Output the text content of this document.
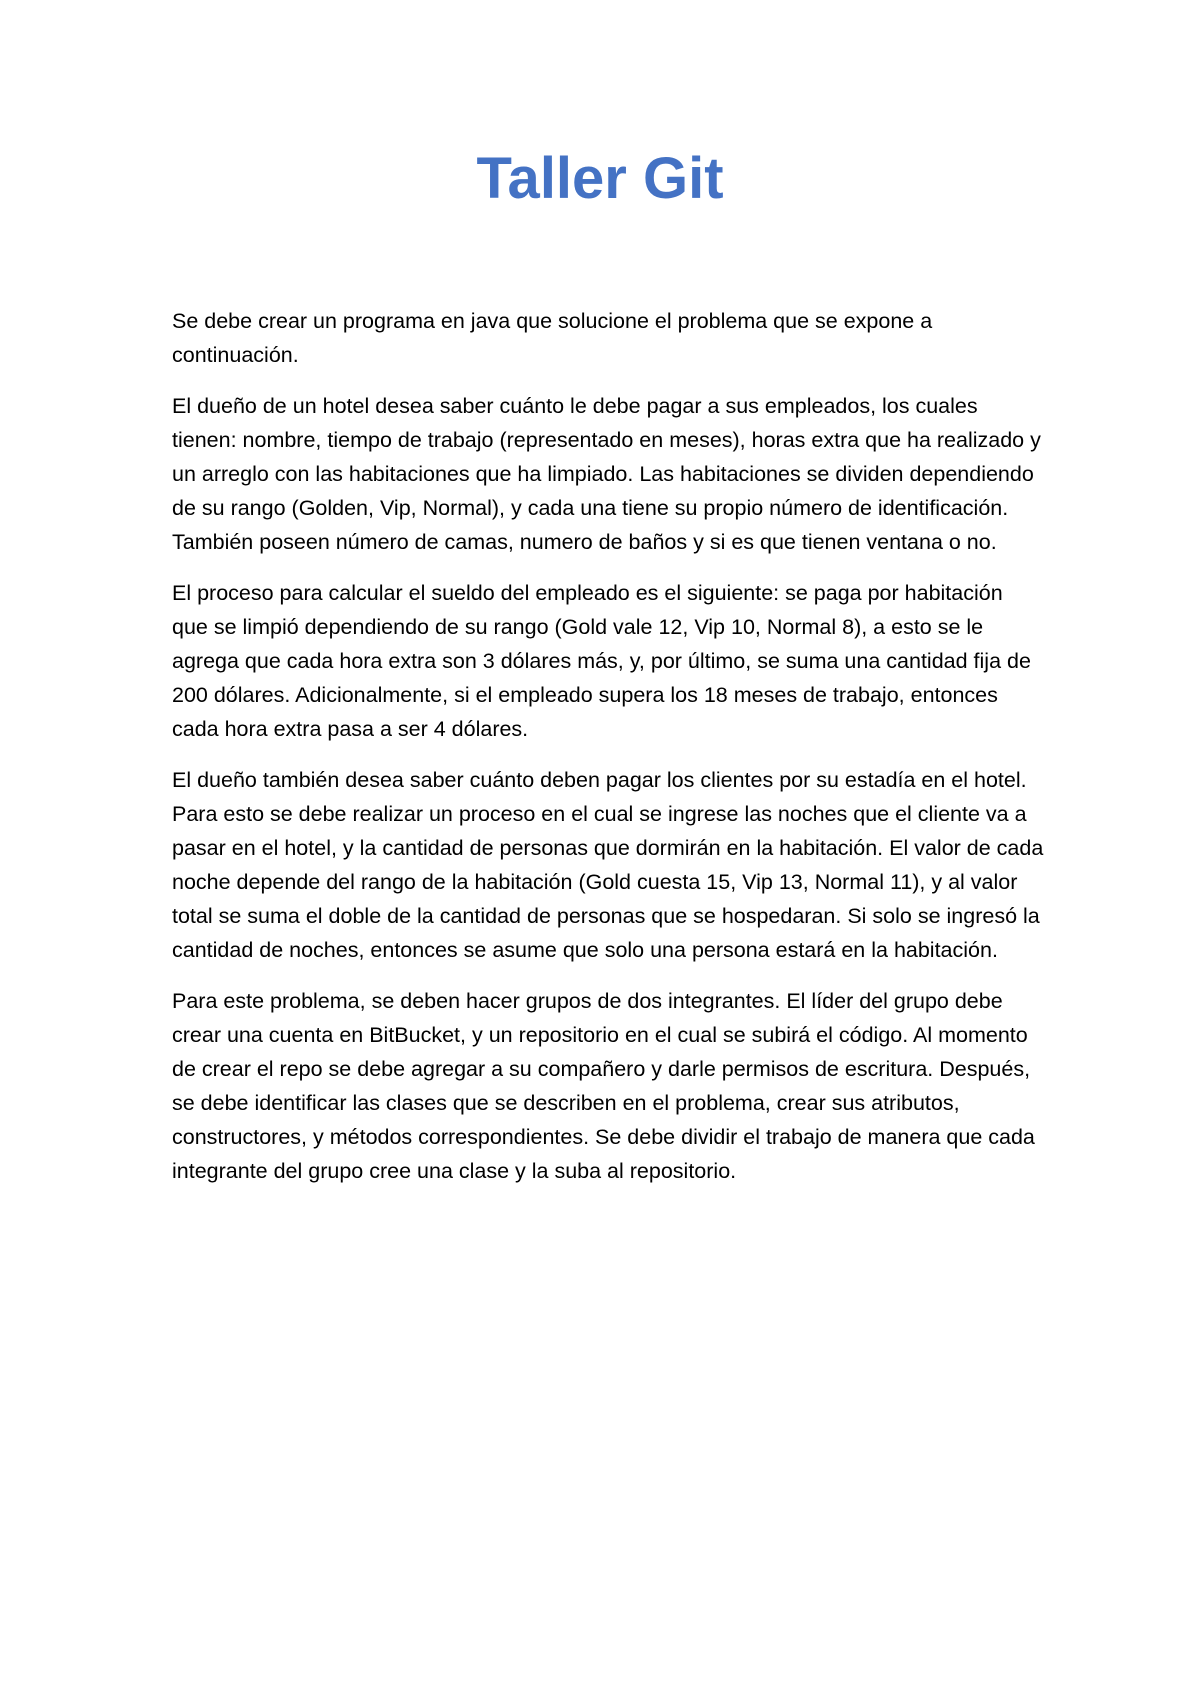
Taller Git

Se debe crear un programa en java que solucione el problema que se expone a continuación.

El dueño de un hotel desea saber cuánto le debe pagar a sus empleados, los cuales tienen: nombre, tiempo de trabajo (representado en meses), horas extra que ha realizado y un arreglo con las habitaciones que ha limpiado. Las habitaciones se dividen dependiendo de su rango (Golden, Vip, Normal), y cada una tiene su propio número de identificación. También poseen número de camas, numero de baños y si es que tienen ventana o no.

El proceso para calcular el sueldo del empleado es el siguiente: se paga por habitación que se limpió dependiendo de su rango (Gold vale 12, Vip 10, Normal 8), a esto se le agrega que cada hora extra son 3 dólares más, y, por último, se suma una cantidad fija de 200 dólares. Adicionalmente, si el empleado supera los 18 meses de trabajo, entonces cada hora extra pasa a ser 4 dólares.

El dueño también desea saber cuánto deben pagar los clientes por su estadía en el hotel. Para esto se debe realizar un proceso en el cual se ingrese las noches que el cliente va a pasar en el hotel, y la cantidad de personas que dormirán en la habitación. El valor de cada noche depende del rango de la habitación (Gold cuesta 15, Vip 13, Normal 11), y al valor total se suma el doble de la cantidad de personas que se hospedaran. Si solo se ingresó la cantidad de noches, entonces se asume que solo una persona estará en la habitación.

Para este problema, se deben hacer grupos de dos integrantes. El líder del grupo debe crear una cuenta en BitBucket, y un repositorio en el cual se subirá el código. Al momento de crear el repo se debe agregar a su compañero y darle permisos de escritura. Después, se debe identificar las clases que se describen en el problema, crear sus atributos, constructores, y métodos correspondientes. Se debe dividir el trabajo de manera que cada integrante del grupo cree una clase y la suba al repositorio.
